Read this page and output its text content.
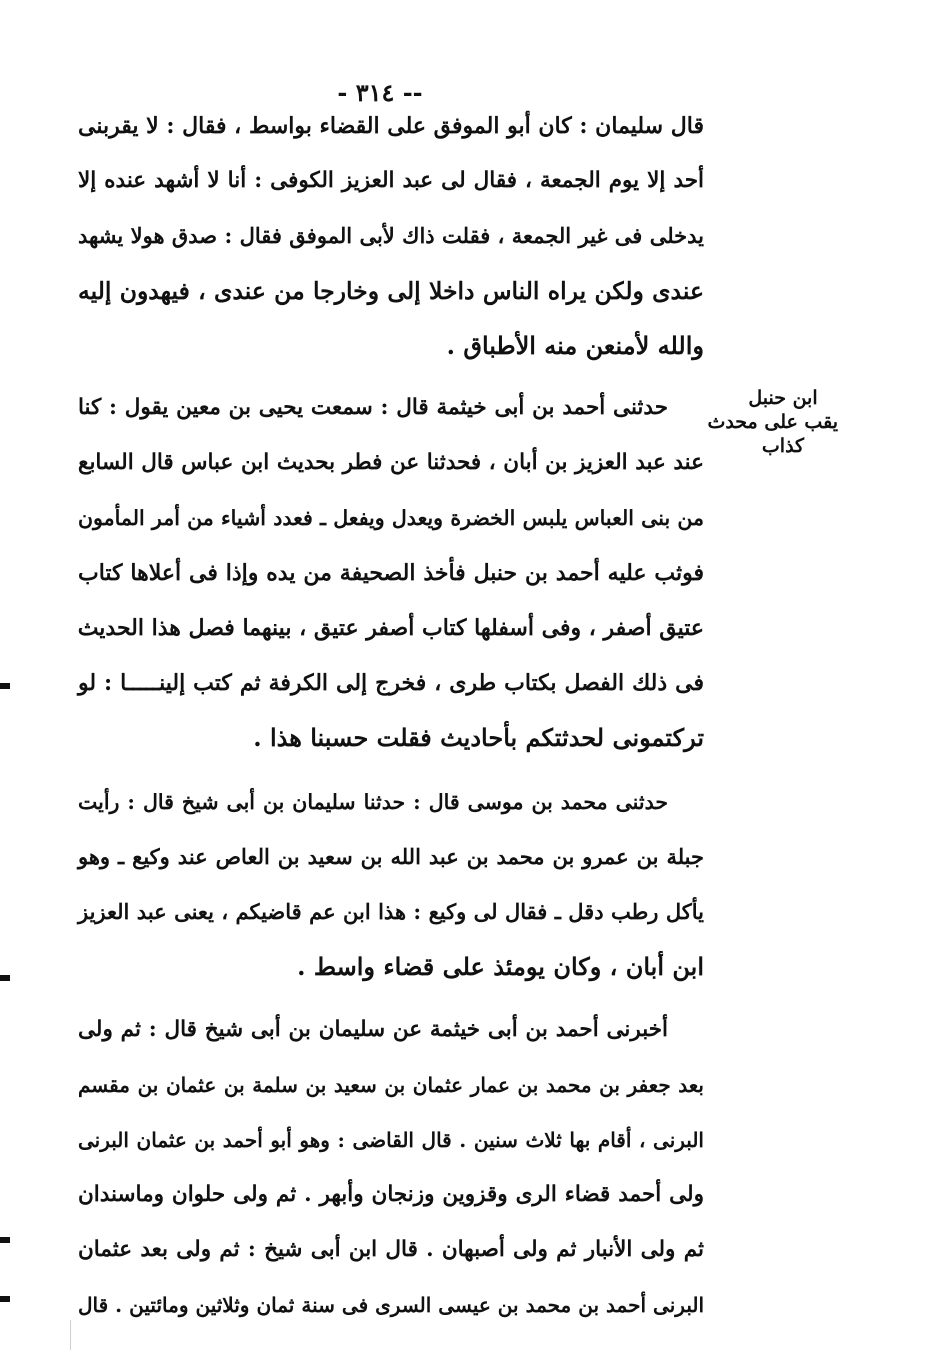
-- ٣١٤ -
ابن حنبل
يقب على محدث
كذاب
قال سليمان : كان أبو الموفق على القضاء بواسط ، فقال : لا يقربنى
أحد إلا يوم الجمعة ، فقال لى عبد العزيز الكوفى : أنا لا أشهد عنده إلا
يدخلى فى غير الجمعة ، فقلت ذاك لأبى الموفق فقال : صدق هولا يشهد
عندى ولكن يراه الناس داخلا إلى وخارجا من عندى ، فيهدون إليه
والله لأمنعن منه الأطباق .
حدثنى أحمد بن أبى خيثمة قال : سمعت يحيى بن معين يقول : كنا
عند عبد العزيز بن أبان ، فحدثنا عن فطر بحديث ابن عباس قال السابع
من بنى العباس يلبس الخضرة ويعدل ويفعل ـ فعدد أشياء من أمر المأمون
فوثب عليه أحمد بن حنبل فأخذ الصحيفة من يده وإذا فى أعلاها كتاب
عتيق أصفر ، وفى أسفلها كتاب أصفر عتيق ، بينهما فصل هذا الحديث
فى ذلك الفصل بكتاب طرى ، فخرج إلى الكرفة ثم كتب إلينـــــا : لو
تركتمونى لحدثتكم بأحاديث فقلت حسبنا هذا .
حدثنى محمد بن موسى قال : حدثنا سليمان بن أبى شيخ قال : رأيت
جبلة بن عمرو بن محمد بن عبد الله بن سعيد بن العاص عند وكيع ـ وهو
يأكل رطب دقل ـ فقال لى وكيع : هذا ابن عم قاضيكم ، يعنى عبد العزيز
ابن أبان ، وكان يومئذ على قضاء واسط .
أخبرنى أحمد بن أبى خيثمة عن سليمان بن أبى شيخ قال : ثم ولى
بعد جعفر بن محمد بن عمار عثمان بن سعيد بن سلمة بن عثمان بن مقسم
البرنى ، أقام بها ثلاث سنين . قال القاضى : وهو أبو أحمد بن عثمان البرنى
ولى أحمد قضاء الرى وقزوين وزنجان وأبهر . ثم ولى حلوان وماسندان
ثم ولى الأنبار ثم ولى أصبهان . قال ابن أبى شيخ : ثم ولى بعد عثمان
البرنى أحمد بن محمد بن عيسى السرى فى سنة ثمان وثلاثين ومائتين . قال
